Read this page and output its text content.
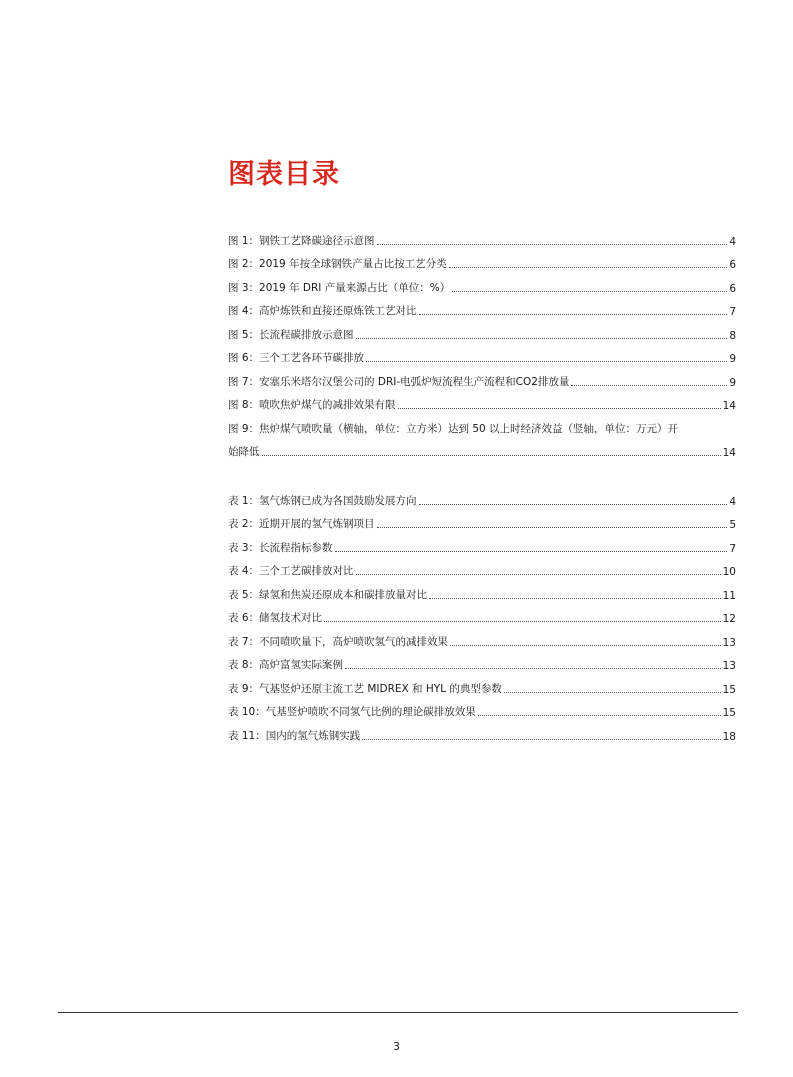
图表目录
图 1：钢铁工艺降碳途径示意图	4
图 2：2019 年按全球钢铁产量占比按工艺分类	6
图 3：2019 年 DRI 产量来源占比（单位：%）	6
图 4：高炉炼铁和直接还原炼铁工艺对比	7
图 5：长流程碳排放示意图	8
图 6：三个工艺各环节碳排放	9
图 7：安塞乐米塔尔汉堡公司的 DRI-电弧炉短流程生产流程和CO2排放量	9
图 8：喷吹焦炉煤气的减排效果有限	14
图 9：焦炉煤气喷吹量（横轴，单位：立方米）达到 50 以上时经济效益（竖轴，单位：万元）开
始降低	14
表 1：氢气炼钢已成为各国鼓励发展方向	4
表 2：近期开展的氢气炼钢项目	5
表 3：长流程指标参数	7
表 4：三个工艺碳排放对比	10
表 5：绿氢和焦炭还原成本和碳排放量对比	11
表 6：储氢技术对比	12
表 7：不同喷吹量下，高炉喷吹氢气的减排效果	13
表 8：高炉富氢实际案例	13
表 9：气基竖炉还原主流工艺 MIDREX 和 HYL 的典型参数	15
表 10：气基竖炉喷吹不同氢气比例的理论碳排放效果	15
表 11：国内的氢气炼钢实践	18
3
